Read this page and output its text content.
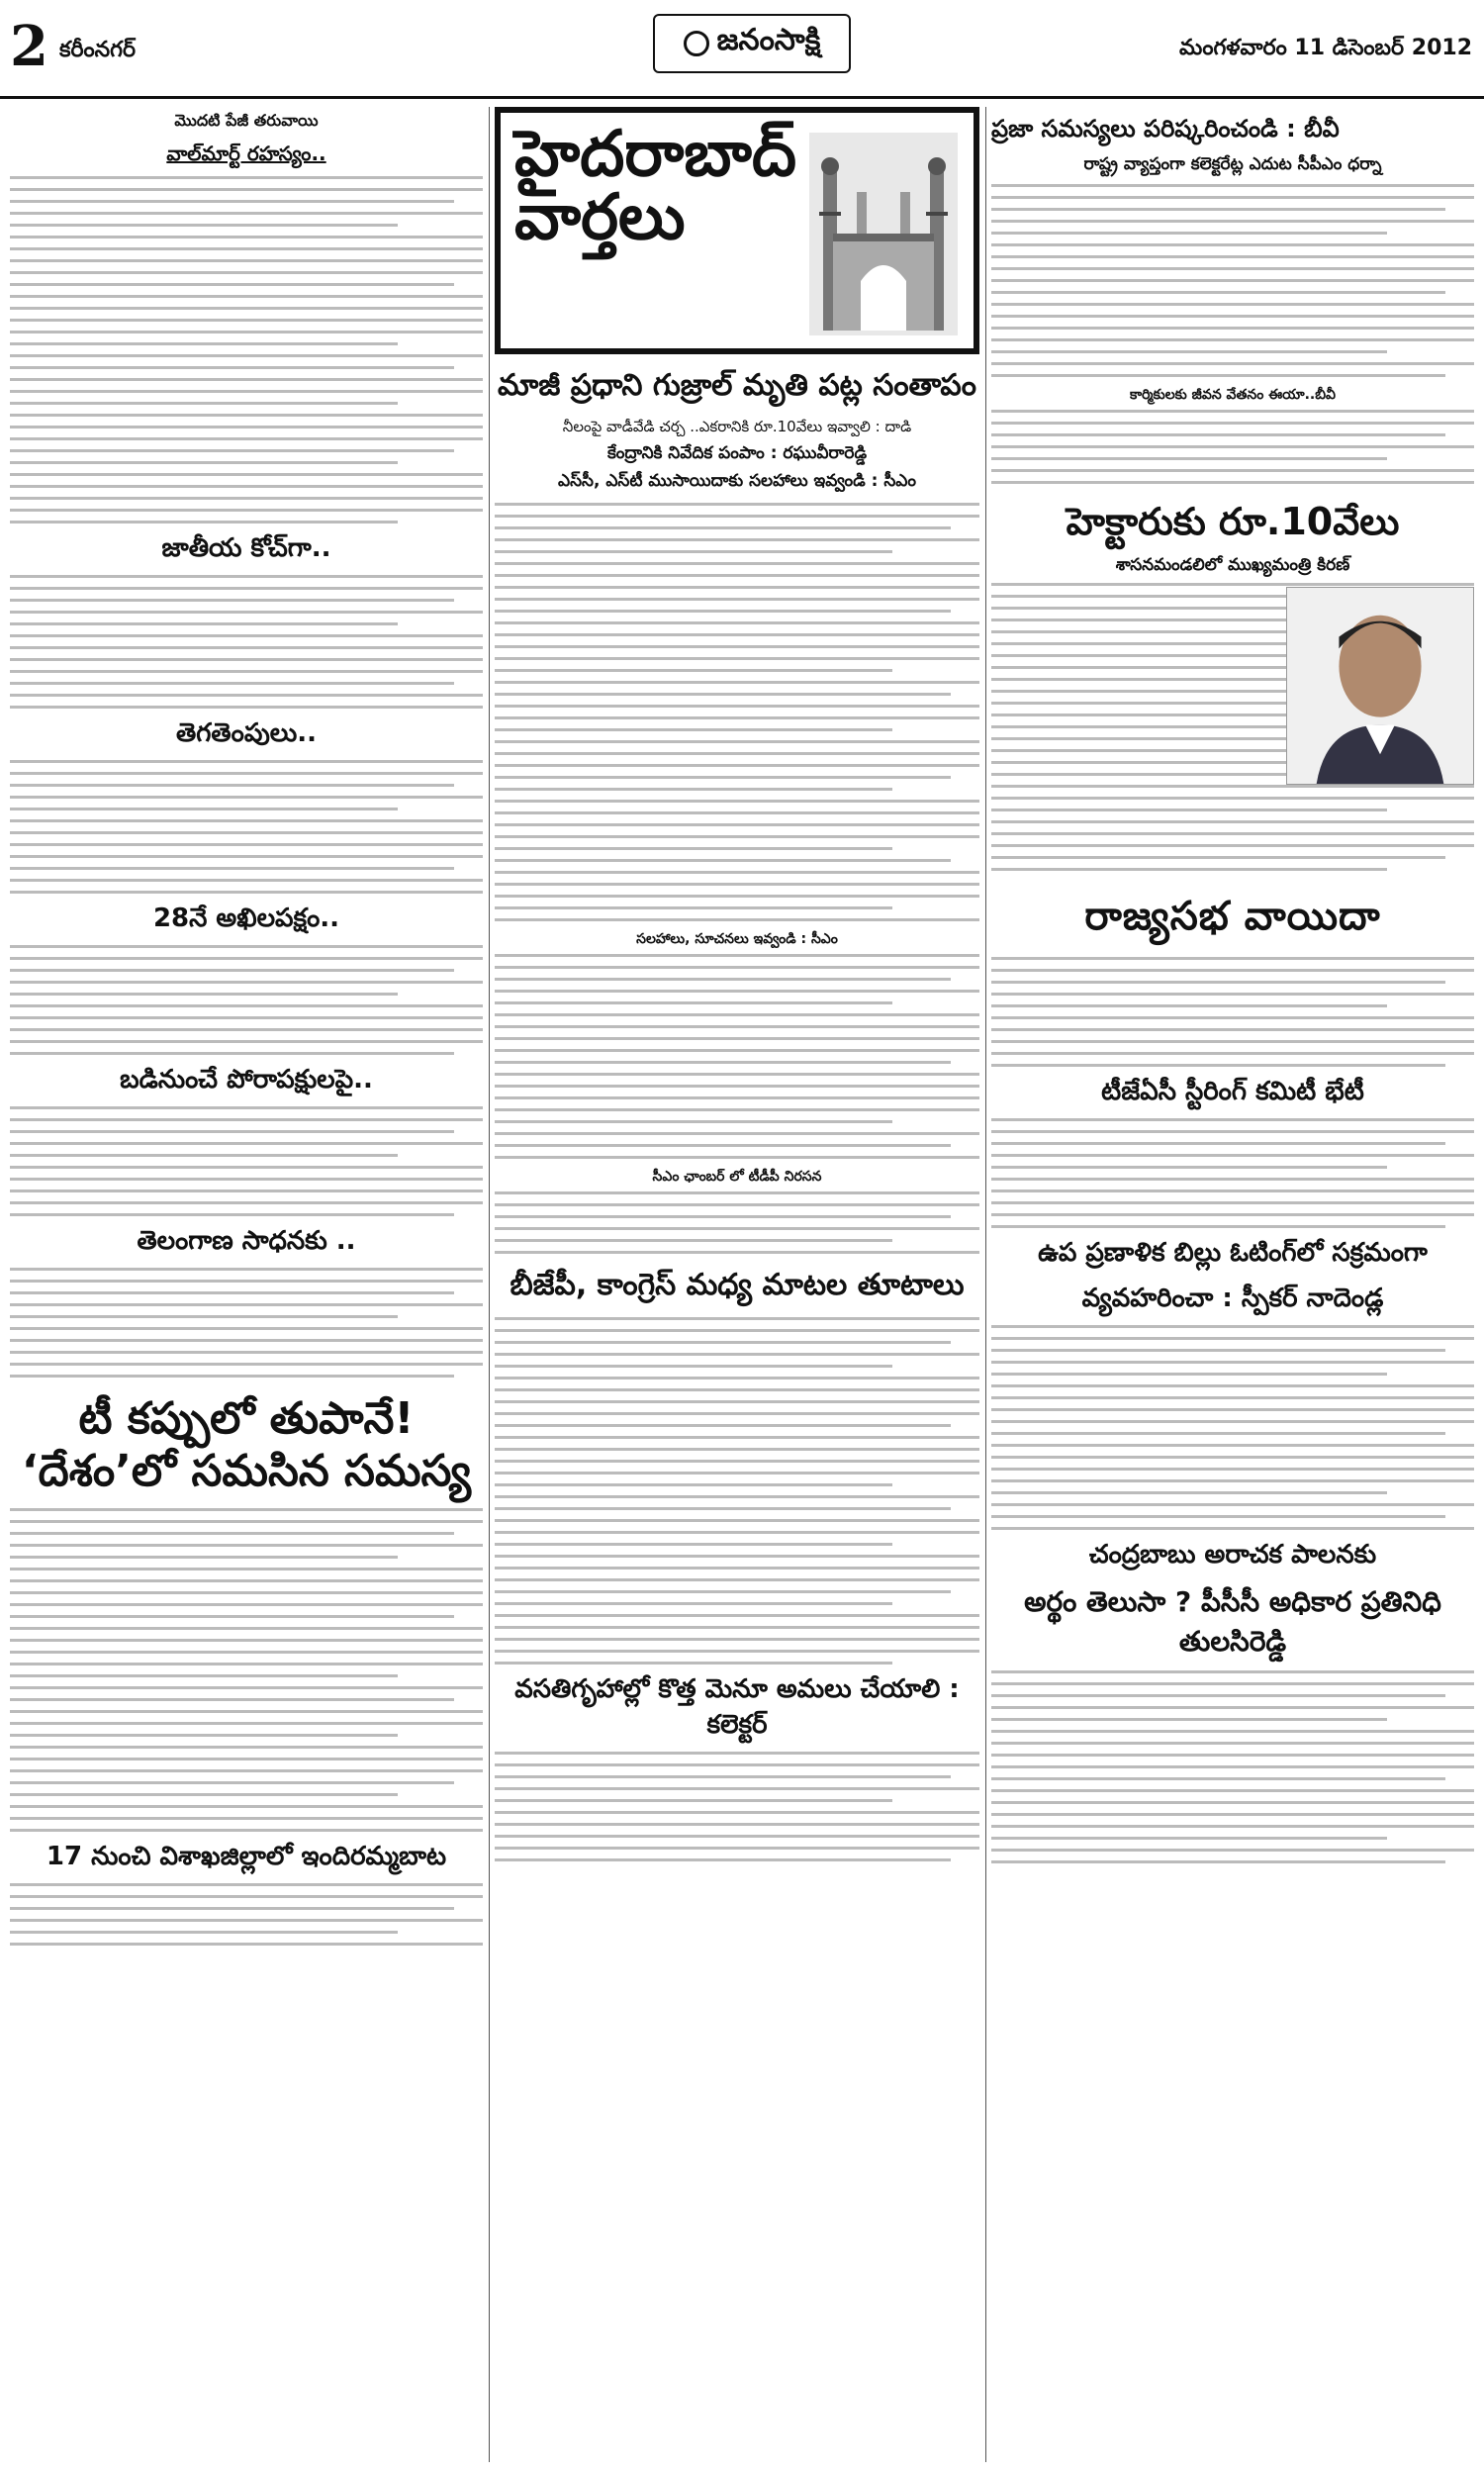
2 కరీంనగర్	జనంసాక్షి	మంగళవారం 11 డిసెంబర్ 2012
మొదటి పేజీ తరువాయి
వాల్‌మార్ట్ రహస్యం..
జాతీయ కోచ్‌గా..
తెగతెంపులు..
28నే అఖిలపక్షం..
బడినుంచే పోరాపక్షులపై..
తెలంగాణ సాధనకు ..
టీ కప్పులో తుపానే!
‘దేశం’లో సమసిన సమస్య
17 నుంచి విశాఖజిల్లాలో ఇందిరమ్మబాట
హైదరాబాద్
వార్తలు
మాజీ ప్రధాని గుజ్రాల్ మృతి పట్ల సంతాపం
నీలంపై వాడీవేడి చర్చ ..ఎకరానికి రూ.10వేలు ఇవ్వాలి : దాడి
కేంద్రానికి నివేదిక పంపాం : రఘువీరారెడ్డి
ఎస్‌సీ, ఎస్‌టీ ముసాయిదాకు సలహాలు ఇవ్వండి : సీఎం
సలహాలు, సూచనలు ఇవ్వండి : సీఎం
సీఎం ఛాంబర్ లో టీడీపీ నిరసన
బీజేపీ, కాంగ్రెస్ మధ్య మాటల తూటాలు
వసతిగృహాల్లో కొత్త మెనూ అమలు చేయాలి : కలెక్టర్
ప్రజా సమస్యలు పరిష్కరించండి : బీవీ
రాష్ట్ర వ్యాప్తంగా కలెక్టరేట్ల ఎదుట సీపీఎం ధర్నా
కార్మికులకు జీవన వేతనం ఈయా..బీవీ
హెక్టారుకు రూ.10వేలు
శాసనమండలిలో ముఖ్యమంత్రి కిరణ్
రాజ్యసభ వాయిదా
టీజేఏసీ స్టీరింగ్ కమిటీ భేటీ
ఉప ప్రణాళిక బిల్లు ఓటింగ్‌లో సక్రమంగా
వ్యవహరించా : స్పీకర్ నాదెండ్ల
చంద్రబాబు అరాచక పాలనకు
అర్థం తెలుసా ? పీసీసీ అధికార ప్రతినిధి తులసిరెడ్డి
